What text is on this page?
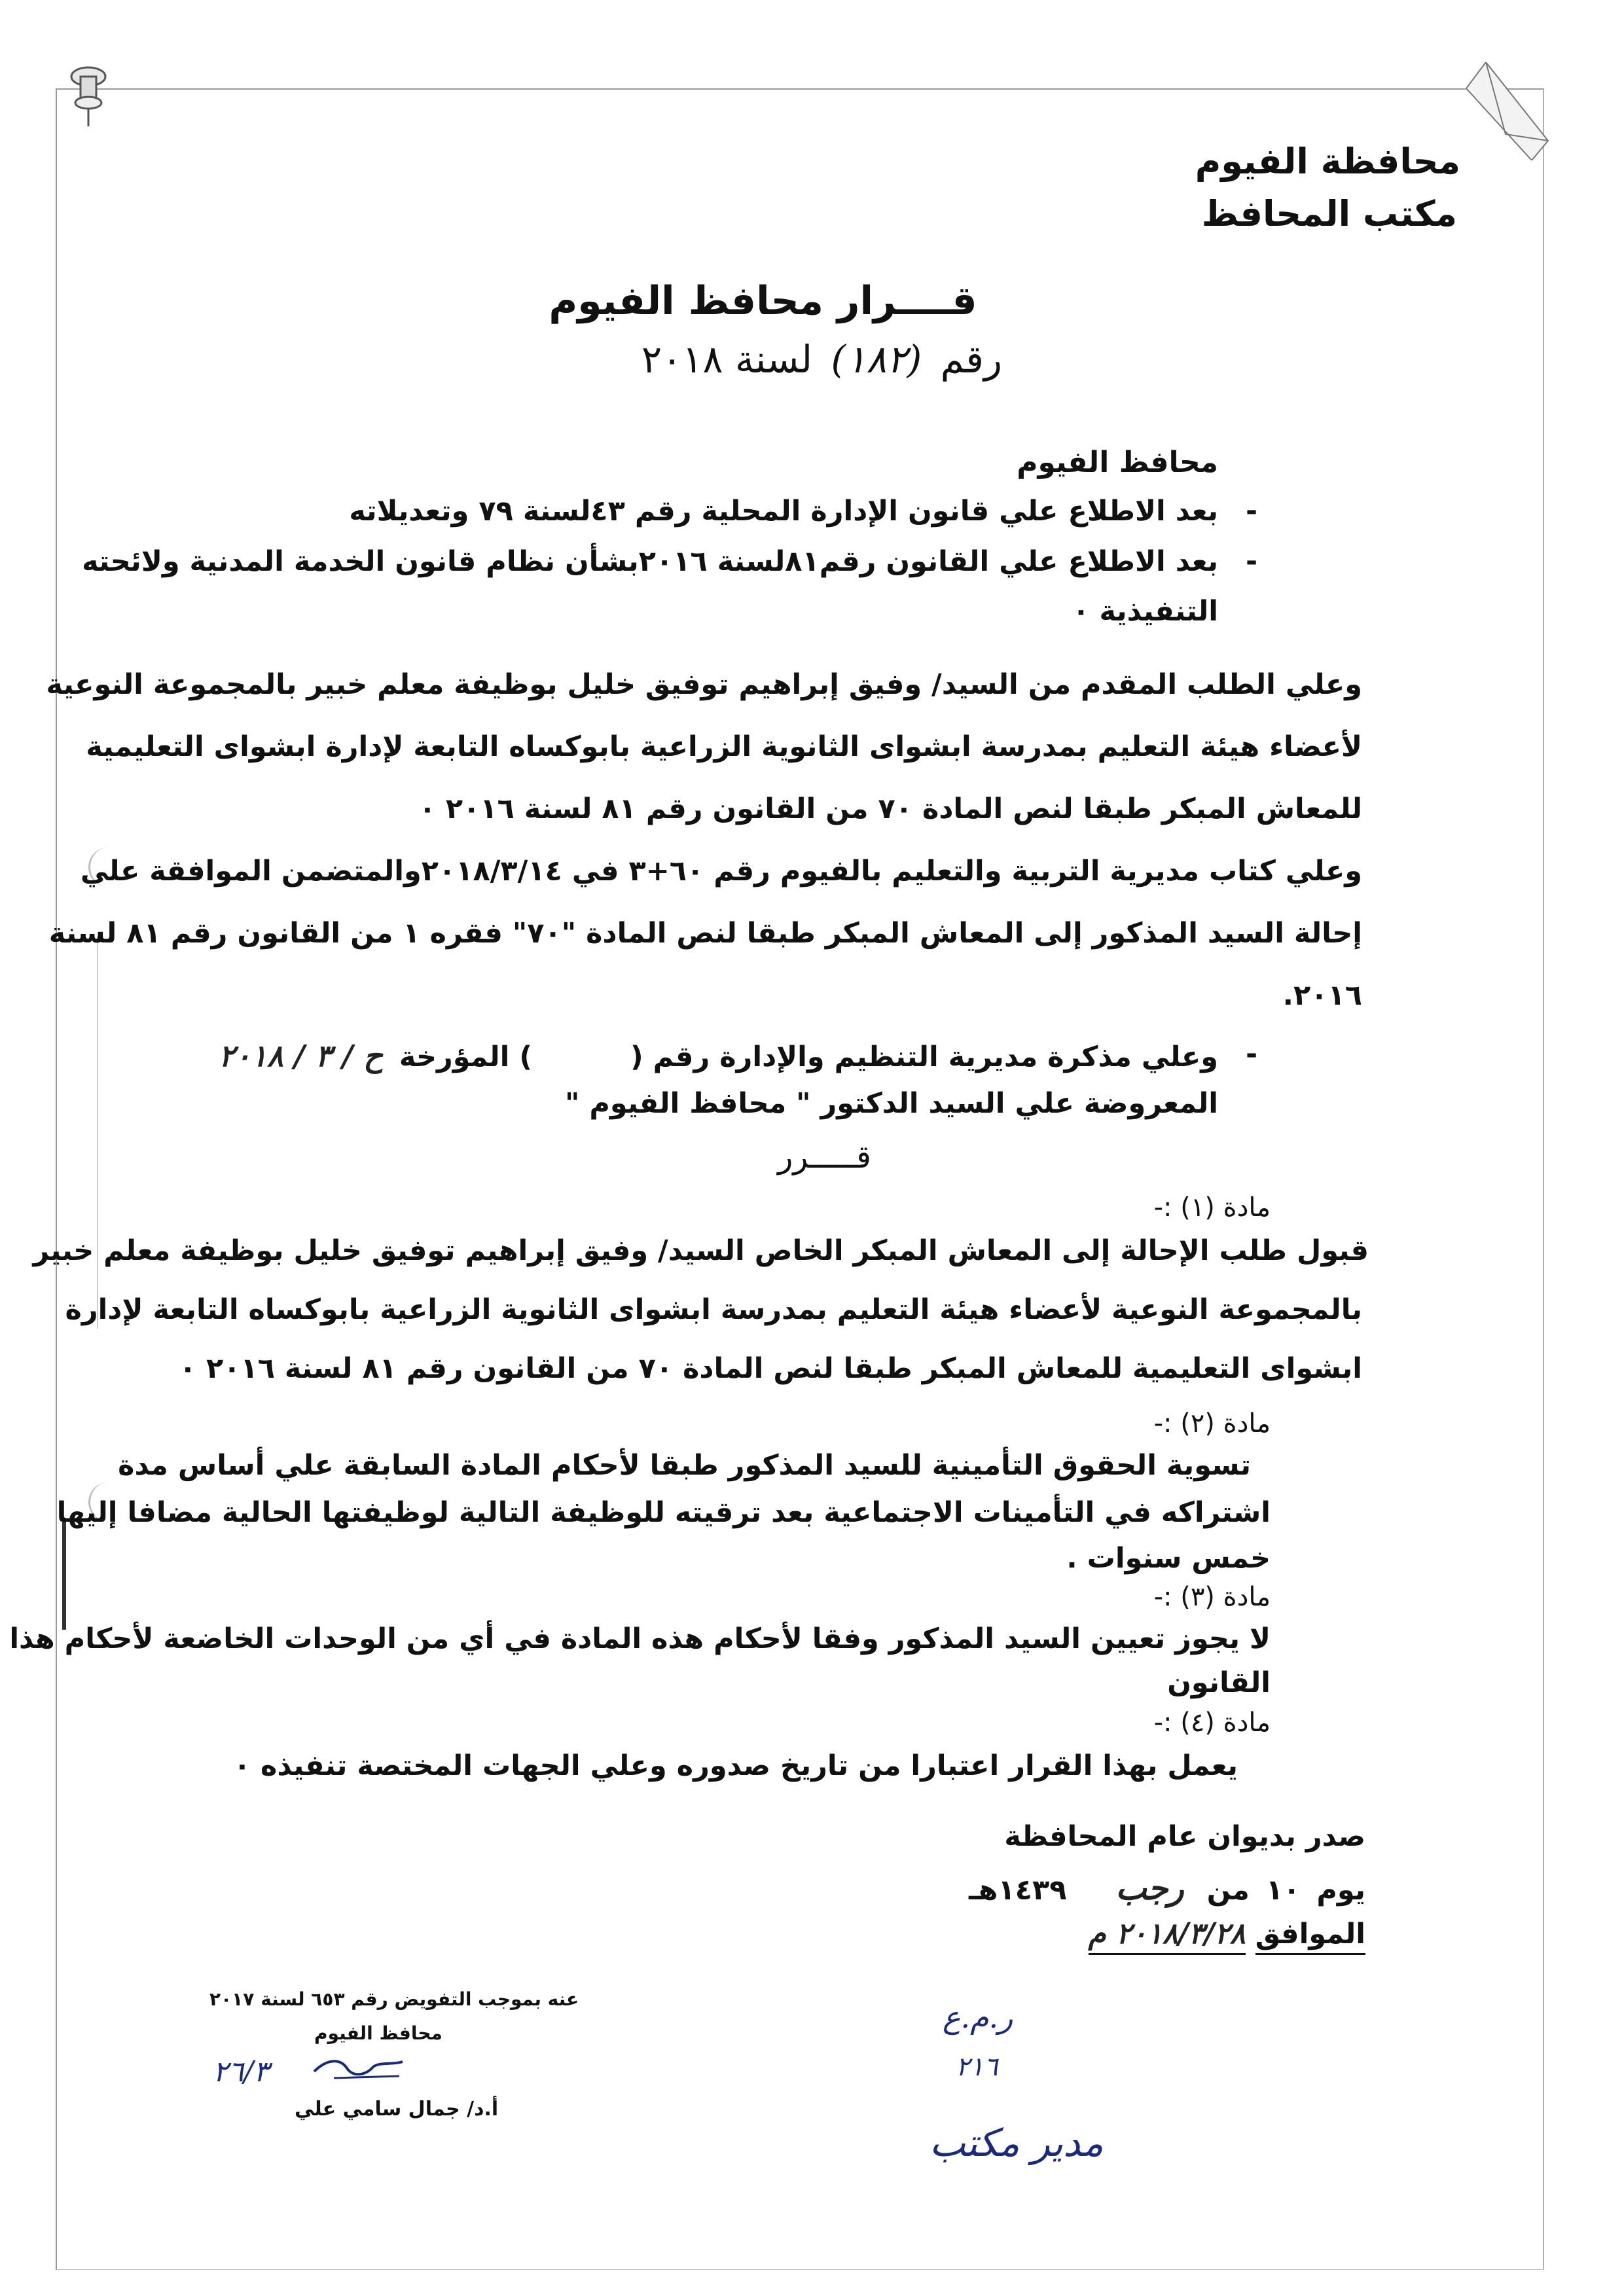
محافظة الفيوم
مكتب المحافظ
قــــرار محافظ الفيوم
رقم (١٨٢) لسنة ٢٠١٨
محافظ الفيوم
- بعد الاطلاع علي قانون الإدارة المحلية رقم ٤٣لسنة ٧٩ وتعديلاته
- بعد الاطلاع علي القانون رقم٨١لسنة ٢٠١٦بشأن نظام قانون الخدمة المدنية ولائحته
التنفيذية ٠
وعلي الطلب المقدم من السيد/ وفيق إبراهيم توفيق خليل بوظيفة معلم خبير بالمجموعة النوعية
لأعضاء هيئة التعليم بمدرسة ابشواى الثانوية الزراعية بابوكساه التابعة لإدارة ابشواى التعليمية
للمعاش المبكر طبقا لنص المادة ٧٠ من القانون رقم ٨١ لسنة ٢٠١٦ ٠
وعلي كتاب مديرية التربية والتعليم بالفيوم رقم ٦٠+٣ في ٢٠١٨/٣/١٤والمتضمن الموافقة علي
إحالة السيد المذكور إلى المعاش المبكر طبقا لنص المادة "٧٠" فقره ١ من القانون رقم ٨١ لسنة
٢٠١٦.
- وعلي مذكرة مديرية التنظيم والإدارة رقم (  ) المؤرخة ح / ٣ / ٢٠١٨
المعروضة علي السيد الدكتور " محافظ الفيوم "
قـــــرر
مادة (١) :-
قبول طلب الإحالة إلى المعاش المبكر الخاص السيد/ وفيق إبراهيم توفيق خليل بوظيفة معلم خبير
بالمجموعة النوعية لأعضاء هيئة التعليم بمدرسة ابشواى الثانوية الزراعية بابوكساه التابعة لإدارة
ابشواى التعليمية للمعاش المبكر طبقا لنص المادة ٧٠ من القانون رقم ٨١ لسنة ٢٠١٦ ٠
مادة (٢) :-
تسوية الحقوق التأمينية للسيد المذكور طبقا لأحكام المادة السابقة علي أساس مدة
اشتراكه في التأمينات الاجتماعية بعد ترقيته للوظيفة التالية لوظيفتها الحالية مضافا إليها
خمس سنوات .
مادة (٣) :-
لا يجوز تعيين السيد المذكور وفقا لأحكام هذه المادة في أي من الوحدات الخاضعة لأحكام هذا
القانون
مادة (٤) :-
يعمل بهذا القرار اعتبارا من تاريخ صدوره وعلي الجهات المختصة تنفيذه ٠
صدر بديوان عام المحافظة
يوم ١٠ من رجب ١٤٣٩هـ
الموافق ٢٠١٨/٣/٢٨ م
عنه بموجب التفويض رقم ٦٥٣ لسنة ٢٠١٧
محافظ الفيوم
٢٦/٣
أ.د/ جمال سامي علي
ر.م.ع
٢١٦
مدير مكتب
